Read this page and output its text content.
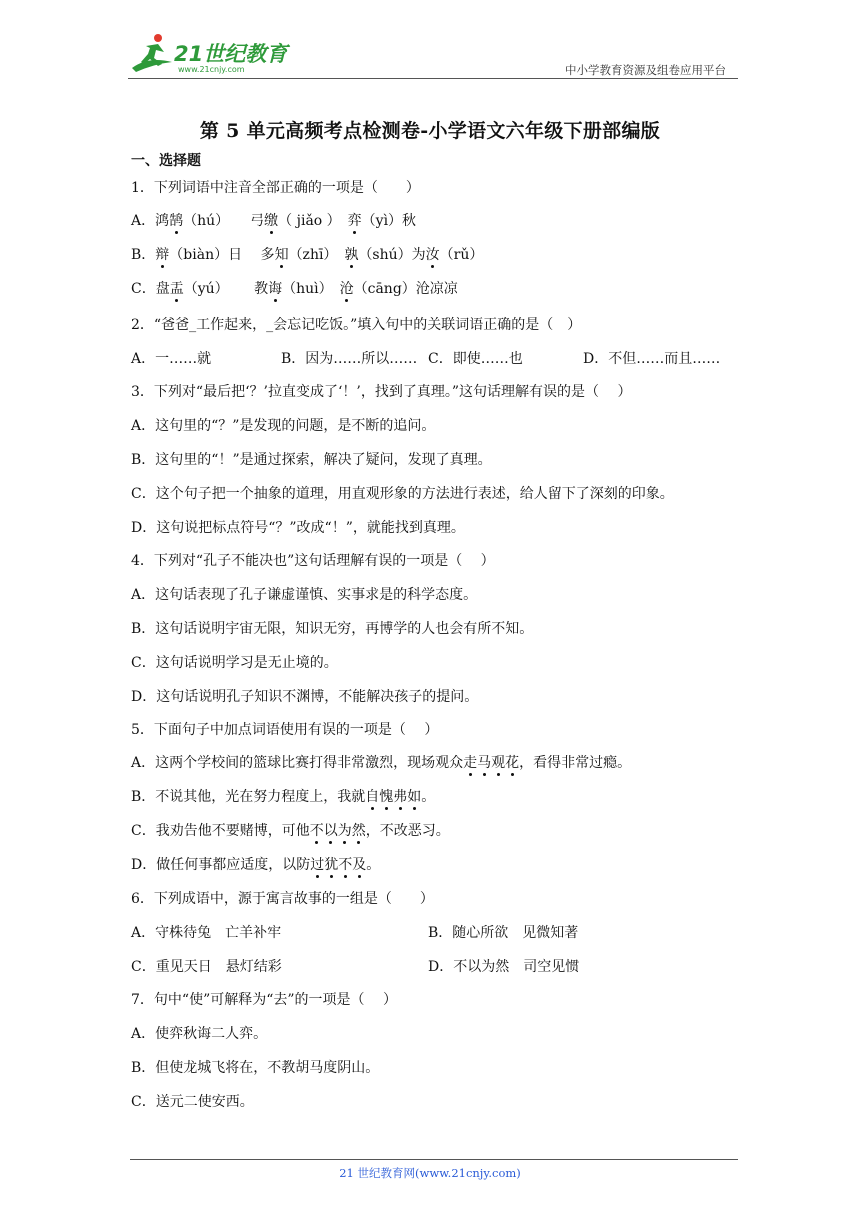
21世纪教育
www.21cnjy.com	中小学教育资源及组卷应用平台
第 5 单元高频考点检测卷-小学语文六年级下册部编版
一、选择题
1．下列词语中注音全部正确的一项是（　　）
A．鸿鹄（hú）　　弓缴（ jiǎo ）　弈（yì）秋
B．辩（biàn）日　 多知（zhī）　孰（shú）为汝（rǔ）
C．盘盂（yú）　　 教诲（huì）　沧（cāng）沧凉凉
2．“爸爸_工作起来，_会忘记吃饭。”填入句中的关联词语正确的是（　）
A．一……就	B．因为……所以…… C．即使……也	D．不但……而且……
3．下列对“最后把‘？’拉直变成了‘！’，找到了真理。”这句话理解有误的是（　 ）
A．这句里的“？”是发现的问题，是不断的追问。
B．这句里的“！”是通过探索，解决了疑问，发现了真理。
C．这个句子把一个抽象的道理，用直观形象的方法进行表述，给人留下了深刻的印象。
D．这句说把标点符号“？”改成“！”，就能找到真理。
4．下列对“孔子不能决也”这句话理解有误的一项是（　 ）
A．这句话表现了孔子谦虚谨慎、实事求是的科学态度。
B．这句话说明宇宙无限，知识无穷，再博学的人也会有所不知。
C．这句话说明学习是无止境的。
D．这句话说明孔子知识不渊博，不能解决孩子的提问。
5．下面句子中加点词语使用有误的一项是（　 ）
A．这两个学校间的篮球比赛打得非常激烈，现场观众走马观花，看得非常过瘾。
B．不说其他，光在努力程度上，我就自愧弗如。
C．我劝告他不要赌博，可他不以为然，不改恶习。
D．做任何事都应适度，以防过犹不及。
6．下列成语中，源于寓言故事的一组是（　　）
A．守株待兔　亡羊补牢	B．随心所欲　见微知著
C．重见天日　悬灯结彩	D．不以为然　司空见惯
7．句中“使”可解释为“去”的一项是（　 ）
A．使弈秋诲二人弈。
B．但使龙城飞将在，不教胡马度阴山。
C．送元二使安西。
21 世纪教育网(www.21cnjy.com)
